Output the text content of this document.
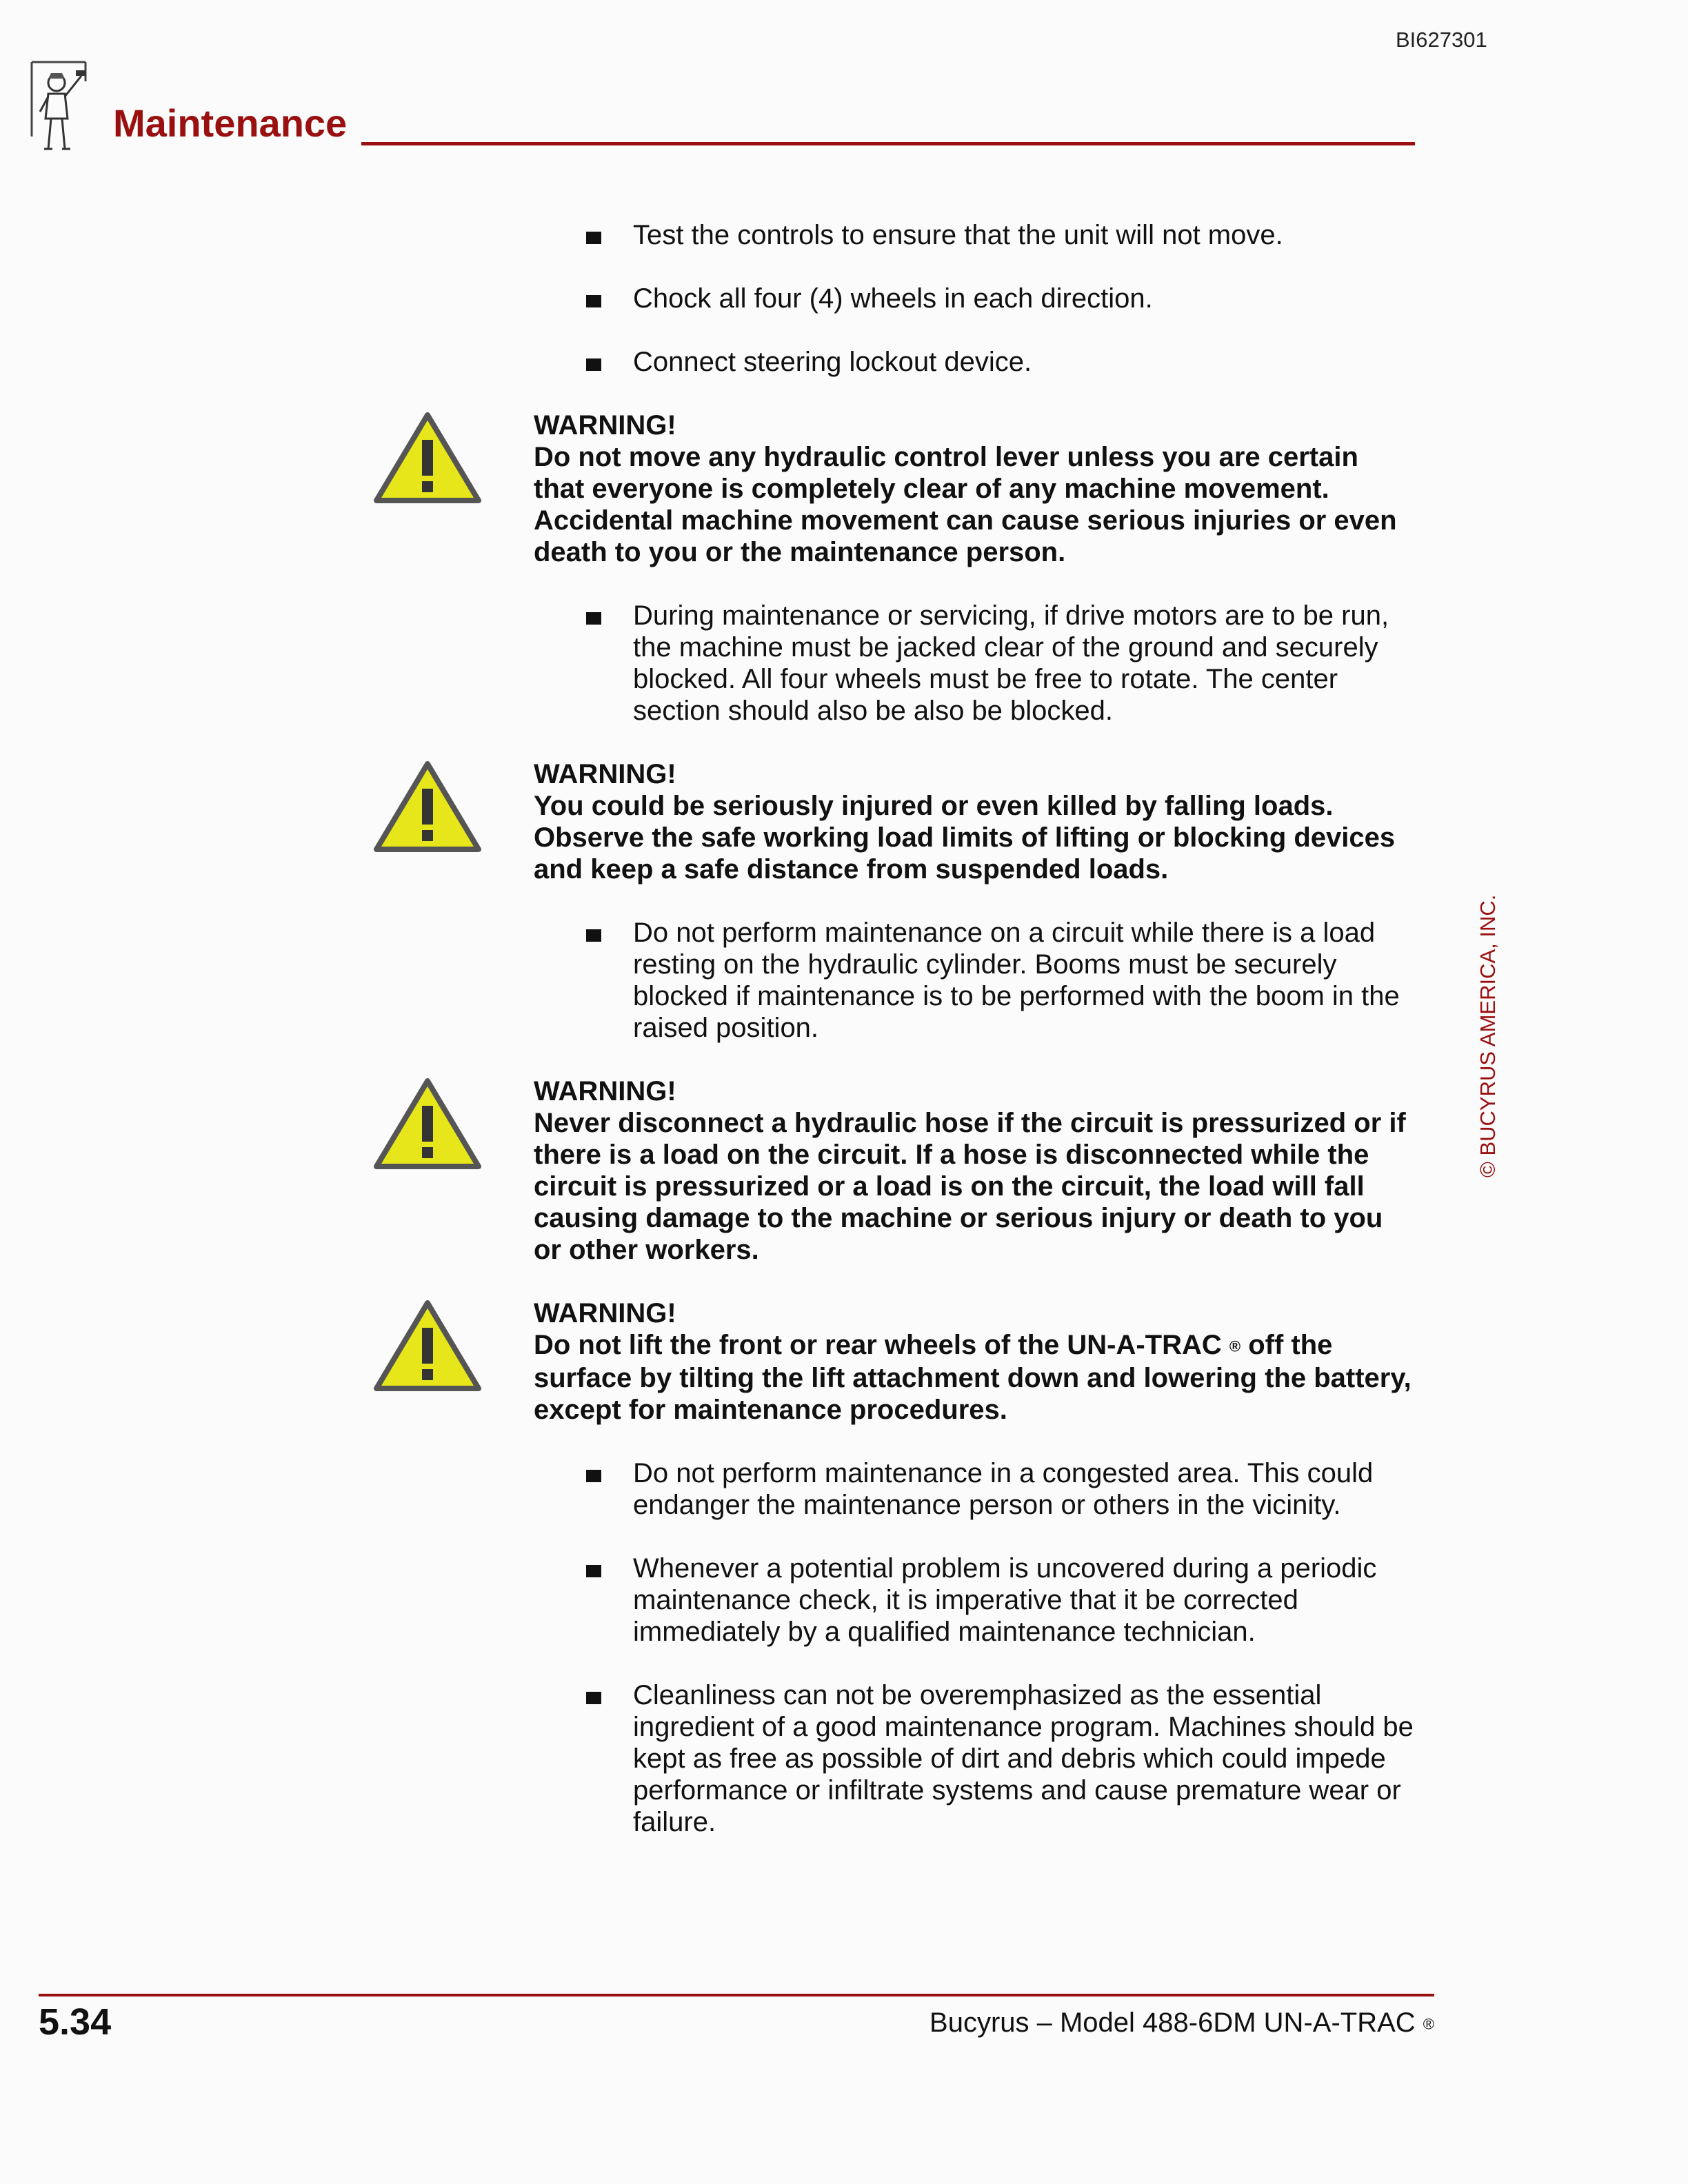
BI627301
Maintenance
© BUCYRUS AMERICA, INC.
Test the controls to ensure that the unit will not move.
Chock all four (4) wheels in each direction.
Connect steering lockout device.
WARNING!
Do not move any hydraulic control lever unless you are certain that everyone is completely clear of any machine movement. Accidental machine movement can cause serious injuries or even death to you or the maintenance person.
During maintenance or servicing, if drive motors are to be run, the machine must be jacked clear of the ground and securely blocked. All four wheels must be free to rotate. The center section should also be also be blocked.
WARNING!
You could be seriously injured or even killed by falling loads. Observe the safe working load limits of lifting or blocking devices and keep a safe distance from suspended loads.
Do not perform maintenance on a circuit while there is a load resting on the hydraulic cylinder. Booms must be securely blocked if maintenance is to be performed with the boom in the raised position.
WARNING!
Never disconnect a hydraulic hose if the circuit is pressurized or if there is a load on the circuit. If a hose is disconnected while the circuit is pressurized or a load is on the circuit, the load will fall causing damage to the machine or serious injury or death to you or other workers.
WARNING!
Do not lift the front or rear wheels of the UN-A-TRAC ® off the surface by tilting the lift attachment down and lowering the battery, except for maintenance procedures.
Do not perform maintenance in a congested area. This could endanger the maintenance person or others in the vicinity.
Whenever a potential problem is uncovered during a periodic maintenance check, it is imperative that it be corrected immediately by a qualified maintenance technician.
Cleanliness can not be overemphasized as the essential ingredient of a good maintenance program. Machines should be kept as free as possible of dirt and debris which could impede performance or infiltrate systems and cause premature wear or failure.
5.34	Bucyrus – Model 488-6DM UN-A-TRAC ®
